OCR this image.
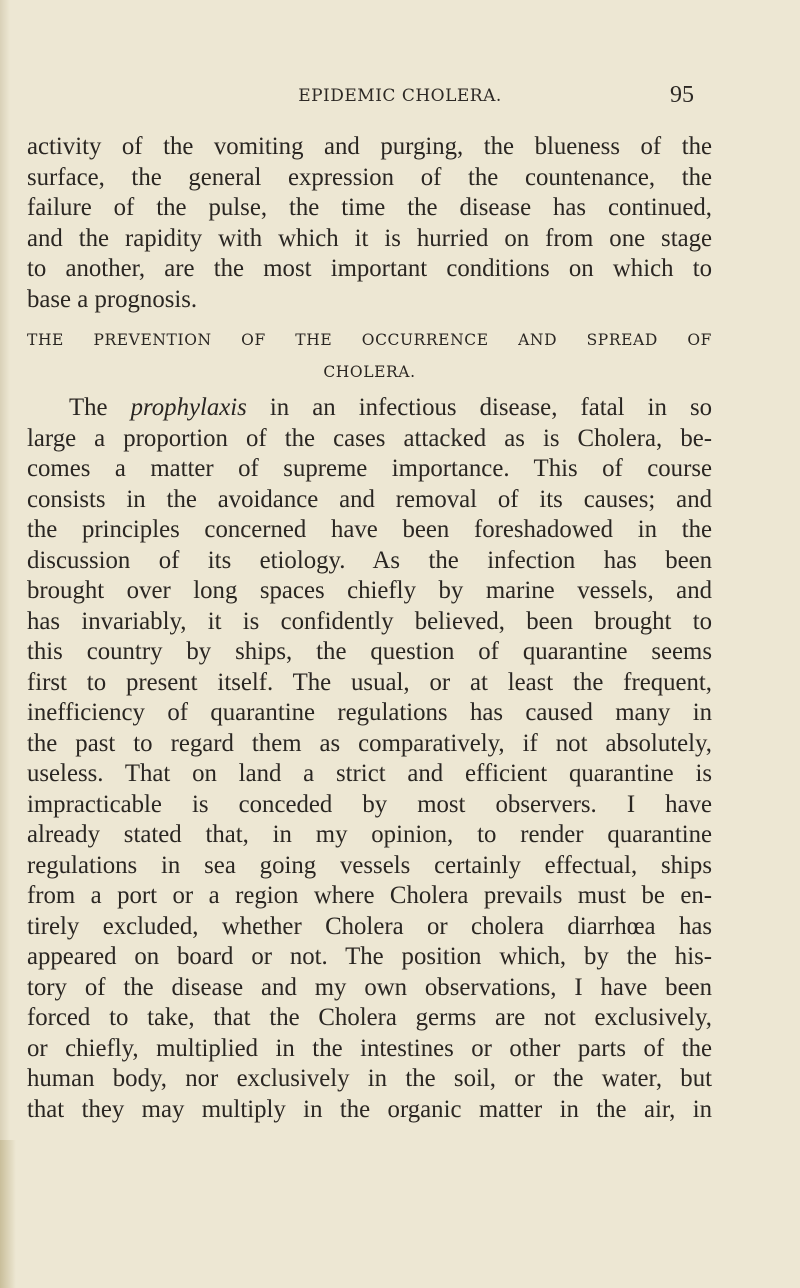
EPIDEMIC CHOLERA.	95
activity of the vomiting and purging, the blueness of the
surface, the general expression of the countenance, the
failure of the pulse, the time the disease has continued,
and the rapidity with which it is hurried on from one stage
to another, are the most important conditions on which to
base a prognosis.
THE PREVENTION OF THE OCCURRENCE AND SPREAD OF
CHOLERA.
The prophylaxis in an infectious disease, fatal in so
large a proportion of the cases attacked as is Cholera, be-
comes a matter of supreme importance. This of course
consists in the avoidance and removal of its causes; and
the principles concerned have been foreshadowed in the
discussion of its etiology. As the infection has been
brought over long spaces chiefly by marine vessels, and
has invariably, it is confidently believed, been brought to
this country by ships, the question of quarantine seems
first to present itself. The usual, or at least the frequent,
inefficiency of quarantine regulations has caused many in
the past to regard them as comparatively, if not absolutely,
useless. That on land a strict and efficient quarantine is
impracticable is conceded by most observers. I have
already stated that, in my opinion, to render quarantine
regulations in sea going vessels certainly effectual, ships
from a port or a region where Cholera prevails must be en-
tirely excluded, whether Cholera or cholera diarrhœa has
appeared on board or not. The position which, by the his-
tory of the disease and my own observations, I have been
forced to take, that the Cholera germs are not exclusively,
or chiefly, multiplied in the intestines or other parts of the
human body, nor exclusively in the soil, or the water, but
that they may multiply in the organic matter in the air, in
